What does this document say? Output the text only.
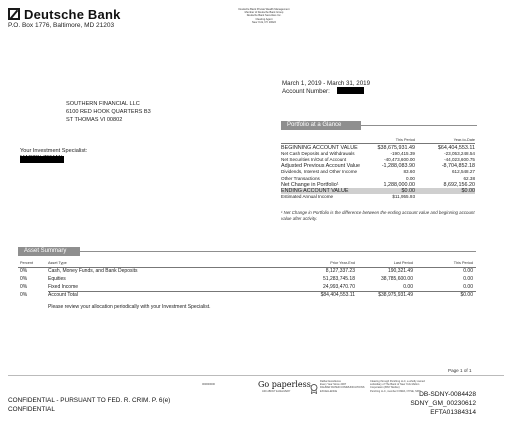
Deutsche Bank
P.O. Box 1776, Baltimore, MD 21203
Deutsche Bank Private Wealth Management
Member of Deutsche Bank Group
Deutsche Bank Securities Inc.
Clearing Agent
New York, NY 10022
March 1, 2019 - March 31, 2019
Account Number:
SOUTHERN FINANCIAL LLC
6100 RED HOOK QUARTERS B3
ST THOMAS VI 00802
Your Investment Specialist:
Portfolio at a Glance
This Period	Year-to-Date
BEGINNING ACCOUNT VALUE	$38,675,931.49	$64,404,553.11
Net Cash Deposits and Withdrawals	-190,415.39	-23,053,248.54
Net Securities In/Out of Account	-40,473,600.00	-44,023,600.75
Adjusted Previous Account Value	-1,288,083.90	-8,704,852.18
Dividends, Interest and Other Income	83.60	612,548.27
Other Transactions	0.00	62.38
Net Change in Portfolio¹	1,288,000.00	8,692,156.20
ENDING ACCOUNT VALUE	$0.00	$0.00
Estimated Annual Income	$11,955.93
¹ Net Change in Portfolio is the difference between the ending account value and beginning account value after activity.
Asset Summary
Percent	Asset Type	Prior Year-End	Last Period	This Period
0%	Cash, Money Funds, and Bank Deposits	8,127,337.23	190,321.49	0.00
0%	Equities	51,283,745.18	38,785,600.00	0.00
0%	Fixed Income	24,993,470.70	0.00	0.00
0%	Account Total	$84,404,553.11	$38,975,931.49	$0.00
Please review your allocation periodically with your Investment Specialist.
Page 1 of 1
000000000	Go paperless
ASK ABOUT E-DELIVERY
Dalbar Excellence
Every Year Since 2007
DALBAR RATED COMMUNICATIONS
EXCELLENCE
Clearing through Pershing LLC, a wholly owned
subsidiary of The Bank of New York Mellon
Corporation (BNY Mellon)
Pershing LLC, member FINRA, NYSE, SIPC
CONFIDENTIAL - PURSUANT TO FED. R. CRIM. P. 6(e)
CONFIDENTIAL
DB-SDNY-0084428
SDNY_GM_00230612
EFTA01384314
